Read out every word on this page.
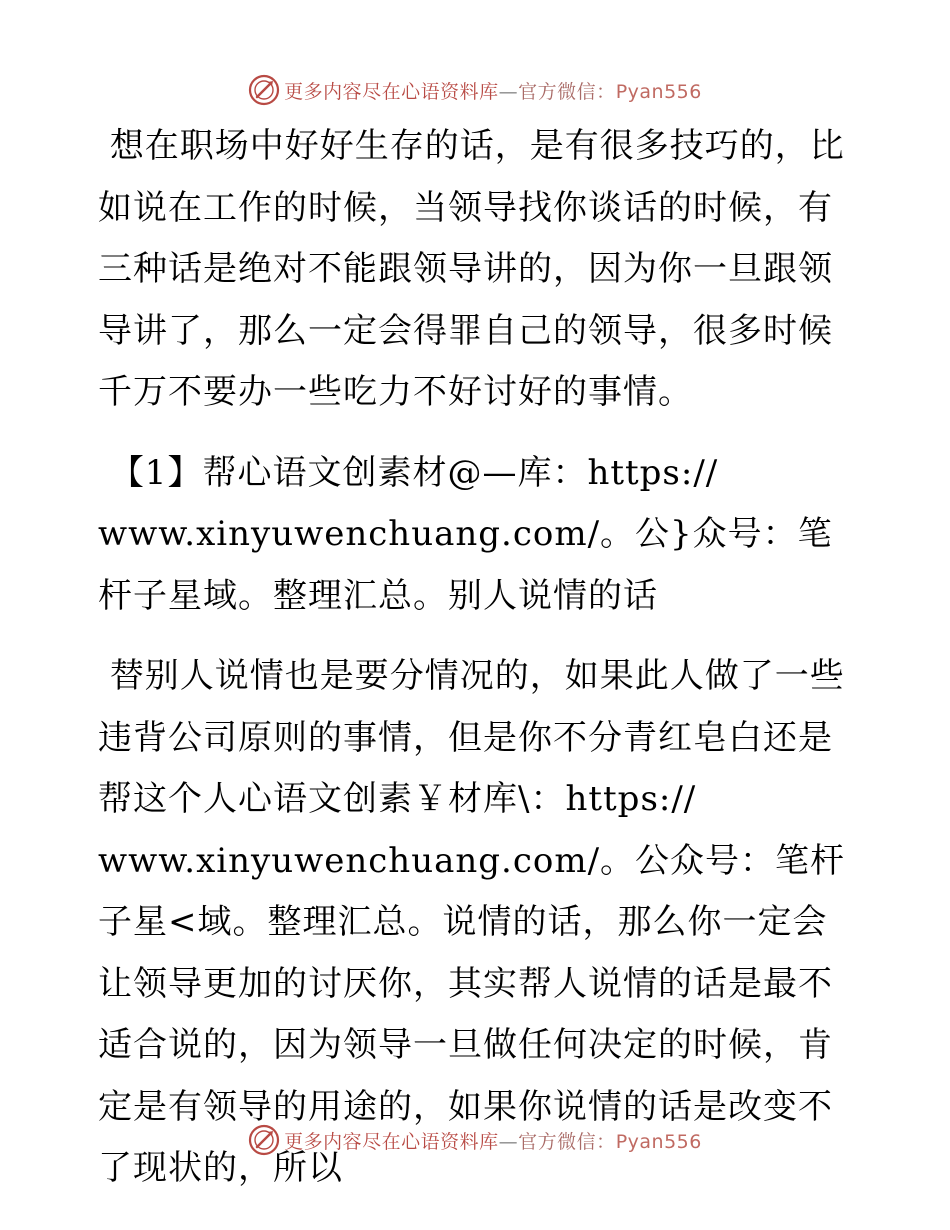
更多内容尽在心语资料库—官方微信：Pyan556

想在职场中好好生存的话，是有很多技巧的，比如说在工作的时候，当领导找你谈话的时候，有三种话是绝对不能跟领导讲的，因为你一旦跟领导讲了，那么一定会得罪自己的领导，很多时候千万不要办一些吃力不好讨好的事情。

【1】帮心语文创素材@—库：https://
www.xinyuwenchuang.com/。公}众号：笔杆子星域。整理汇总。别人说情的话

替别人说情也是要分情况的，如果此人做了一些违背公司原则的事情，但是你不分青红皂白还是帮这个人心语文创素￥材库\：https://
www.xinyuwenchuang.com/。公众号：笔杆子星<域。整理汇总。说情的话，那么你一定会让领导更加的讨厌你，其实帮人说情的话是最不适合说的，因为领导一旦做任何决定的时候，肯定是有领导的用途的，如果你说情的话是改变不了现状的，所以

更多内容尽在心语资料库—官方微信：Pyan556
